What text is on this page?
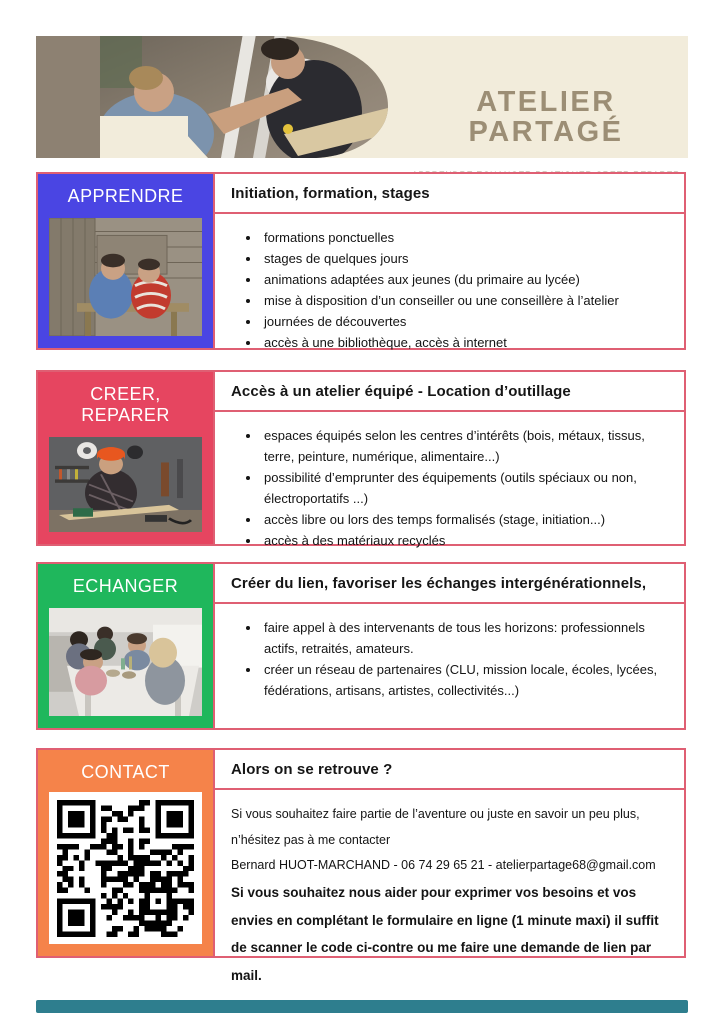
ATELIER
PARTAGÉ
APPRENDRE	Initiation, formation, stages
• formations ponctuelles
• stages de quelques jours
• animations adaptées aux jeunes (du primaire au lycée)
• mise à disposition d’un conseiller ou une conseillère à l’atelier
• journées de découvertes
• accès à une bibliothèque, accès à internet
CREER, REPARER
Accès à un atelier équipé - Location d’outillage
• espaces équipés selon les centres d’intérêts (bois, métaux, tissus, terre, peinture, numérique, alimentaire...)
• possibilité d’emprunter des équipements (outils spéciaux ou non, électroportatifs ...)
• accès libre ou lors des temps formalisés (stage, initiation...)
• accès à des matériaux recyclés
ECHANGER	Créer du lien, favoriser les échanges intergénérationnels,
• faire appel à des intervenants de tous les horizons: professionnels actifs, retraités, amateurs.
• créer un réseau de partenaires (CLU, mission locale, écoles, lycées, fédérations, artisans, artistes, collectivités...)
CONTACT	Alors on se retrouve ?

Si vous souhaitez faire partie de l’aventure ou juste en savoir un peu plus, n’hésitez pas à me contacter

Bernard HUOT-MARCHAND - 06 74 29 65 21 - atelierpartage68@gmail.com

Si vous souhaitez nous aider pour exprimer vos besoins et vos envies en complétant le formulaire en ligne (1 minute maxi) il suffit de scanner le code ci-contre ou me faire une demande de lien par mail.
